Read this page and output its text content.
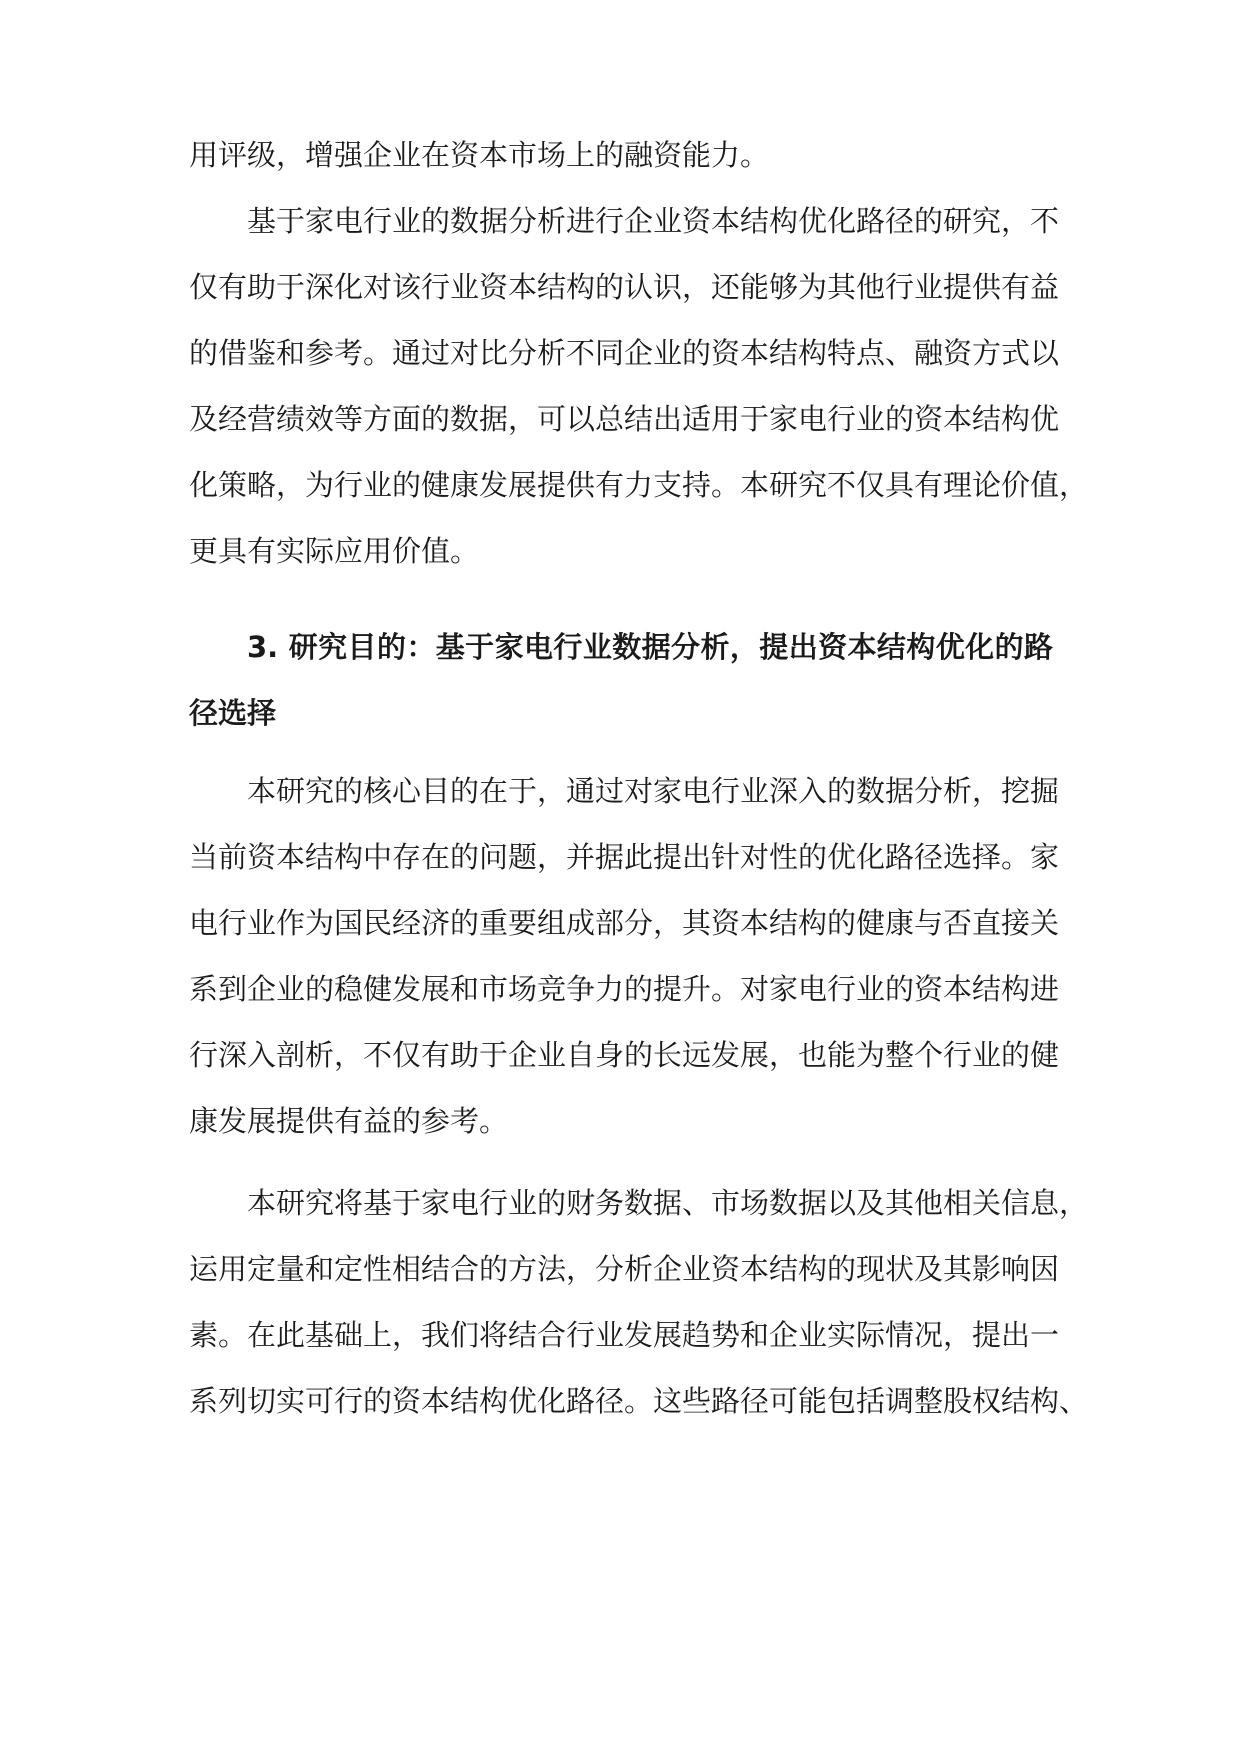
用评级，增强企业在资本市场上的融资能力。
基于家电行业的数据分析进行企业资本结构优化路径的研究，不
仅有助于深化对该行业资本结构的认识，还能够为其他行业提供有益
的借鉴和参考。通过对比分析不同企业的资本结构特点、融资方式以
及经营绩效等方面的数据，可以总结出适用于家电行业的资本结构优
化策略，为行业的健康发展提供有力支持。本研究不仅具有理论价值，
更具有实际应用价值。
3. 研究目的：基于家电行业数据分析，提出资本结构优化的路
径选择
本研究的核心目的在于，通过对家电行业深入的数据分析，挖掘
当前资本结构中存在的问题，并据此提出针对性的优化路径选择。家
电行业作为国民经济的重要组成部分，其资本结构的健康与否直接关
系到企业的稳健发展和市场竞争力的提升。对家电行业的资本结构进
行深入剖析，不仅有助于企业自身的长远发展，也能为整个行业的健
康发展提供有益的参考。
本研究将基于家电行业的财务数据、市场数据以及其他相关信息，
运用定量和定性相结合的方法，分析企业资本结构的现状及其影响因
素。在此基础上，我们将结合行业发展趋势和企业实际情况，提出一
系列切实可行的资本结构优化路径。这些路径可能包括调整股权结构、
